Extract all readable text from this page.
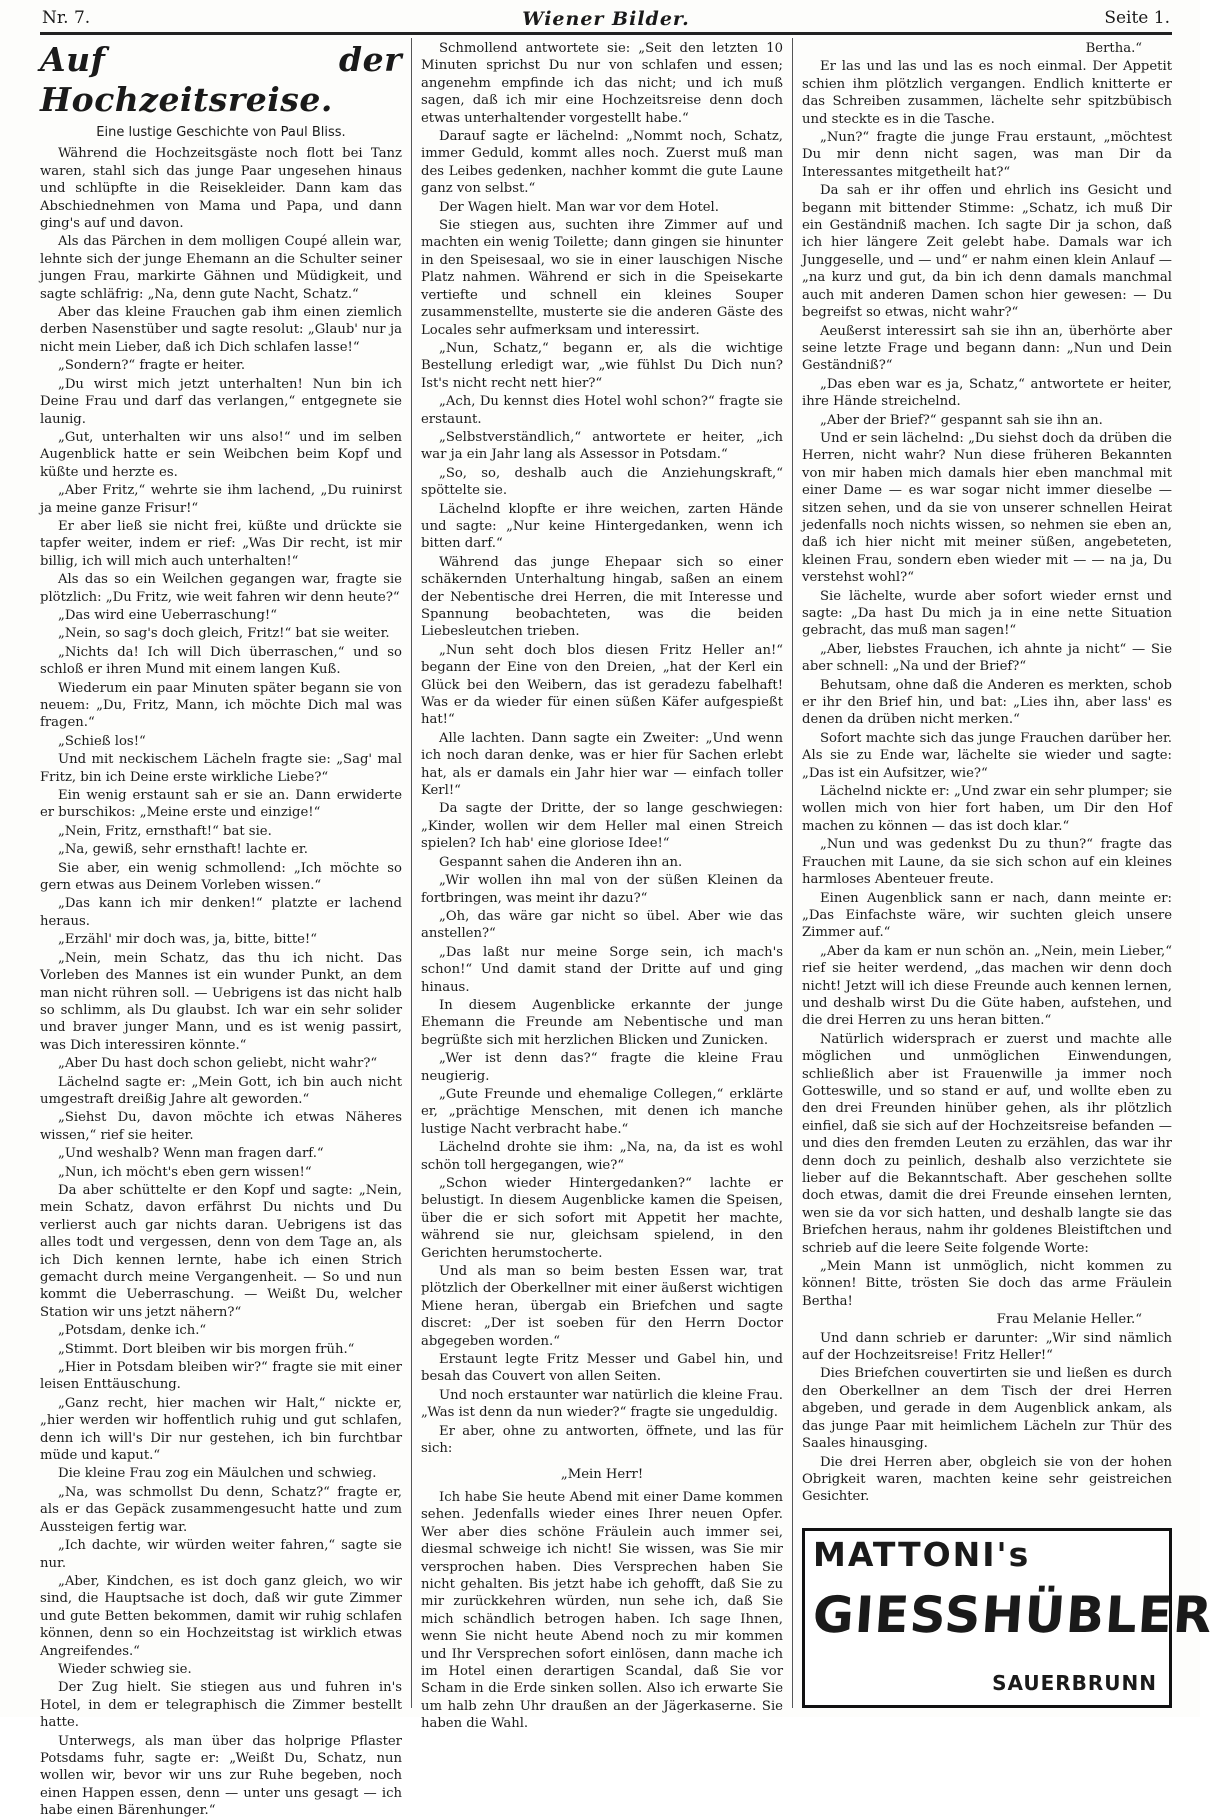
Nr. 7.	Wiener Bilder.	Seite 1.
Auf der Hochzeitsreise.
Eine lustige Geschichte von Paul Bliss.

Während die Hochzeitsgäste noch flott bei Tanz waren, stahl sich das junge Paar ungesehen hinaus und schlüpfte in die Reisekleider. Dann kam das Abschiednehmen von Mama und Papa, und dann ging's auf und davon.

Als das Pärchen in dem molligen Coupé allein war, lehnte sich der junge Ehemann an die Schulter seiner jungen Frau, markirte Gähnen und Müdigkeit, und sagte schläfrig: „Na, denn gute Nacht, Schatz.“

Aber das kleine Frauchen gab ihm einen ziemlich derben Nasenstüber und sagte resolut: „Glaub' nur ja nicht mein Lieber, daß ich Dich schlafen lasse!“

„Sondern?“ fragte er heiter.

„Du wirst mich jetzt unterhalten! Nun bin ich Deine Frau und darf das verlangen,“ entgegnete sie launig.

„Gut, unterhalten wir uns also!“ und im selben Augenblick hatte er sein Weibchen beim Kopf und küßte und herzte es.

„Aber Fritz,“ wehrte sie ihm lachend, „Du ruinirst ja meine ganze Frisur!“

Er aber ließ sie nicht frei, küßte und drückte sie tapfer weiter, indem er rief: „Was Dir recht, ist mir billig, ich will mich auch unterhalten!“

Als das so ein Weilchen gegangen war, fragte sie plötzlich: „Du Fritz, wie weit fahren wir denn heute?“

„Das wird eine Ueberraschung!“

„Nein, so sag's doch gleich, Fritz!“ bat sie weiter.

„Nichts da! Ich will Dich überraschen,“ und so schloß er ihren Mund mit einem langen Kuß.

Wiederum ein paar Minuten später begann sie von neuem: „Du, Fritz, Mann, ich möchte Dich mal was fragen.“

„Schieß los!“

Und mit neckischem Lächeln fragte sie: „Sag' mal Fritz, bin ich Deine erste wirkliche Liebe?“

Ein wenig erstaunt sah er sie an. Dann erwiderte er burschikos: „Meine erste und einzige!“

„Nein, Fritz, ernsthaft!“ bat sie.

„Na, gewiß, sehr ernsthaft! lachte er.

Sie aber, ein wenig schmollend: „Ich möchte so gern etwas aus Deinem Vorleben wissen.“

„Das kann ich mir denken!“ platzte er lachend heraus.

„Erzähl' mir doch was, ja, bitte, bitte!“

„Nein, mein Schatz, das thu ich nicht. Das Vorleben des Mannes ist ein wunder Punkt, an dem man nicht rühren soll. — Uebrigens ist das nicht halb so schlimm, als Du glaubst. Ich war ein sehr solider und braver junger Mann, und es ist wenig passirt, was Dich interessiren könnte.“

„Aber Du hast doch schon geliebt, nicht wahr?“

Lächelnd sagte er: „Mein Gott, ich bin auch nicht umgestraft dreißig Jahre alt geworden.“

„Siehst Du, davon möchte ich etwas Näheres wissen,“ rief sie heiter.

„Und weshalb? Wenn man fragen darf.“

„Nun, ich möcht's eben gern wissen!“

Da aber schüttelte er den Kopf und sagte: „Nein, mein Schatz, davon erfährst Du nichts und Du verlierst auch gar nichts daran. Uebrigens ist das alles todt und vergessen, denn von dem Tage an, als ich Dich kennen lernte, habe ich einen Strich gemacht durch meine Vergangenheit. — So und nun kommt die Ueberraschung. — Weißt Du, welcher Station wir uns jetzt nähern?“

„Potsdam, denke ich.“

„Stimmt. Dort bleiben wir bis morgen früh.“

„Hier in Potsdam bleiben wir?“ fragte sie mit einer leisen Enttäuschung.

„Ganz recht, hier machen wir Halt,“ nickte er, „hier werden wir hoffentlich ruhig und gut schlafen, denn ich will's Dir nur gestehen, ich bin furchtbar müde und kaput.“

Die kleine Frau zog ein Mäulchen und schwieg.

„Na, was schmollst Du denn, Schatz?“ fragte er, als er das Gepäck zusammengesucht hatte und zum Aussteigen fertig war.

„Ich dachte, wir würden weiter fahren,“ sagte sie nur.

„Aber, Kindchen, es ist doch ganz gleich, wo wir sind, die Hauptsache ist doch, daß wir gute Zimmer und gute Betten bekommen, damit wir ruhig schlafen können, denn so ein Hochzeitstag ist wirklich etwas Angreifendes.“

Wieder schwieg sie.

Der Zug hielt. Sie stiegen aus und fuhren in's Hotel, in dem er telegraphisch die Zimmer bestellt hatte.

Unterwegs, als man über das holprige Pflaster Potsdams fuhr, sagte er: „Weißt Du, Schatz, nun wollen wir, bevor wir uns zur Ruhe begeben, noch einen Happen essen, denn — unter uns gesagt — ich habe einen Bärenhunger.“

Schmollend antwortete sie: „Seit den letzten 10 Minuten sprichst Du nur von schlafen und essen; angenehm empfinde ich das nicht; und ich muß sagen, daß ich mir eine Hochzeitsreise denn doch etwas unterhaltender vorgestellt habe.“

Darauf sagte er lächelnd: „Nommt noch, Schatz, immer Geduld, kommt alles noch. Zuerst muß man des Leibes gedenken, nachher kommt die gute Laune ganz von selbst.“

Der Wagen hielt. Man war vor dem Hotel.

Sie stiegen aus, suchten ihre Zimmer auf und machten ein wenig Toilette; dann gingen sie hinunter in den Speisesaal, wo sie in einer lauschigen Nische Platz nahmen. Während er sich in die Speisekarte vertiefte und schnell ein kleines Souper zusammenstellte, musterte sie die anderen Gäste des Locales sehr aufmerksam und interessirt.

„Nun, Schatz,“ begann er, als die wichtige Bestellung erledigt war, „wie fühlst Du Dich nun? Ist's nicht recht nett hier?“

„Ach, Du kennst dies Hotel wohl schon?“ fragte sie erstaunt.

„Selbstverständlich,“ antwortete er heiter, „ich war ja ein Jahr lang als Assessor in Potsdam.“

„So, so, deshalb auch die Anziehungskraft,“ spöttelte sie.

Lächelnd klopfte er ihre weichen, zarten Hände und sagte: „Nur keine Hintergedanken, wenn ich bitten darf.“

Während das junge Ehepaar sich so einer schäkernden Unterhaltung hingab, saßen an einem der Nebentische drei Herren, die mit Interesse und Spannung beobachteten, was die beiden Liebesleutchen trieben.

„Nun seht doch blos diesen Fritz Heller an!“ begann der Eine von den Dreien, „hat der Kerl ein Glück bei den Weibern, das ist geradezu fabelhaft! Was er da wieder für einen süßen Käfer aufgespießt hat!“

Alle lachten. Dann sagte ein Zweiter: „Und wenn ich noch daran denke, was er hier für Sachen erlebt hat, als er damals ein Jahr hier war — einfach toller Kerl!“

Da sagte der Dritte, der so lange geschwiegen: „Kinder, wollen wir dem Heller mal einen Streich spielen? Ich hab' eine gloriose Idee!“

Gespannt sahen die Anderen ihn an.

„Wir wollen ihn mal von der süßen Kleinen da fortbringen, was meint ihr dazu?“

„Oh, das wäre gar nicht so übel. Aber wie das anstellen?“

„Das laßt nur meine Sorge sein, ich mach's schon!“ Und damit stand der Dritte auf und ging hinaus.

In diesem Augenblicke erkannte der junge Ehemann die Freunde am Nebentische und man begrüßte sich mit herzlichen Blicken und Zunicken.

„Wer ist denn das?“ fragte die kleine Frau neugierig.

„Gute Freunde und ehemalige Collegen,“ erklärte er, „prächtige Menschen, mit denen ich manche lustige Nacht verbracht habe.“

Lächelnd drohte sie ihm: „Na, na, da ist es wohl schön toll hergegangen, wie?“

„Schon wieder Hintergedanken?“ lachte er belustigt. In diesem Augenblicke kamen die Speisen, über die er sich sofort mit Appetit her machte, während sie nur, gleichsam spielend, in den Gerichten herumstocherte.

Und als man so beim besten Essen war, trat plötzlich der Oberkellner mit einer äußerst wichtigen Miene heran, übergab ein Briefchen und sagte discret: „Der ist soeben für den Herrn Doctor abgegeben worden.“

Erstaunt legte Fritz Messer und Gabel hin, und besah das Couvert von allen Seiten.

Und noch erstaunter war natürlich die kleine Frau. „Was ist denn da nun wieder?“ fragte sie ungeduldig.

Er aber, ohne zu antworten, öffnete, und las für sich:

„Mein Herr!

Ich habe Sie heute Abend mit einer Dame kommen sehen. Jedenfalls wieder eines Ihrer neuen Opfer. Wer aber dies schöne Fräulein auch immer sei, diesmal schweige ich nicht! Sie wissen, was Sie mir versprochen haben. Dies Versprechen haben Sie nicht gehalten. Bis jetzt habe ich gehofft, daß Sie zu mir zurückkehren würden, nun sehe ich, daß Sie mich schändlich betrogen haben. Ich sage Ihnen, wenn Sie nicht heute Abend noch zu mir kommen und Ihr Versprechen sofort einlösen, dann mache ich im Hotel einen derartigen Scandal, daß Sie vor Scham in die Erde sinken sollen. Also ich erwarte Sie um halb zehn Uhr draußen an der Jägerkaserne. Sie haben die Wahl.

Bertha.“

Er las und las und las es noch einmal. Der Appetit schien ihm plötzlich vergangen. Endlich knitterte er das Schreiben zusammen, lächelte sehr spitzbübisch und steckte es in die Tasche.

„Nun?“ fragte die junge Frau erstaunt, „möchtest Du mir denn nicht sagen, was man Dir da Interessantes mitgetheilt hat?“

Da sah er ihr offen und ehrlich ins Gesicht und begann mit bittender Stimme: „Schatz, ich muß Dir ein Geständniß machen. Ich sagte Dir ja schon, daß ich hier längere Zeit gelebt habe. Damals war ich Junggeselle, und — und“ er nahm einen klein Anlauf — „na kurz und gut, da bin ich denn damals manchmal auch mit anderen Damen schon hier gewesen: — Du begreifst so etwas, nicht wahr?“

Aeußerst interessirt sah sie ihn an, überhörte aber seine letzte Frage und begann dann: „Nun und Dein Geständniß?“

„Das eben war es ja, Schatz,“ antwortete er heiter, ihre Hände streichelnd.

„Aber der Brief?“ gespannt sah sie ihn an.

Und er sein lächelnd: „Du siehst doch da drüben die Herren, nicht wahr? Nun diese früheren Bekannten von mir haben mich damals hier eben manchmal mit einer Dame — es war sogar nicht immer dieselbe — sitzen sehen, und da sie von unserer schnellen Heirat jedenfalls noch nichts wissen, so nehmen sie eben an, daß ich hier nicht mit meiner süßen, angebeteten, kleinen Frau, sondern eben wieder mit — — na ja, Du verstehst wohl?“

Sie lächelte, wurde aber sofort wieder ernst und sagte: „Da hast Du mich ja in eine nette Situation gebracht, das muß man sagen!“

„Aber, liebstes Frauchen, ich ahnte ja nicht“ — Sie aber schnell: „Na und der Brief?“

Behutsam, ohne daß die Anderen es merkten, schob er ihr den Brief hin, und bat: „Lies ihn, aber lass' es denen da drüben nicht merken.“

Sofort machte sich das junge Frauchen darüber her. Als sie zu Ende war, lächelte sie wieder und sagte: „Das ist ein Aufsitzer, wie?“

Lächelnd nickte er: „Und zwar ein sehr plumper; sie wollen mich von hier fort haben, um Dir den Hof machen zu können — das ist doch klar.“

„Nun und was gedenkst Du zu thun?“ fragte das Frauchen mit Laune, da sie sich schon auf ein kleines harmloses Abenteuer freute.

Einen Augenblick sann er nach, dann meinte er: „Das Einfachste wäre, wir suchten gleich unsere Zimmer auf.“

„Aber da kam er nun schön an. „Nein, mein Lieber,“ rief sie heiter werdend, „das machen wir denn doch nicht! Jetzt will ich diese Freunde auch kennen lernen, und deshalb wirst Du die Güte haben, aufstehen, und die drei Herren zu uns heran bitten.“

Natürlich widersprach er zuerst und machte alle möglichen und unmöglichen Einwendungen, schließlich aber ist Frauenwille ja immer noch Gotteswille, und so stand er auf, und wollte eben zu den drei Freunden hinüber gehen, als ihr plötzlich einfiel, daß sie sich auf der Hochzeitsreise befanden — und dies den fremden Leuten zu erzählen, das war ihr denn doch zu peinlich, deshalb also verzichtete sie lieber auf die Bekanntschaft. Aber geschehen sollte doch etwas, damit die drei Freunde einsehen lernten, wen sie da vor sich hatten, und deshalb langte sie das Briefchen heraus, nahm ihr goldenes Bleistiftchen und schrieb auf die leere Seite folgende Worte:

„Mein Mann ist unmöglich, nicht kommen zu können! Bitte, trösten Sie doch das arme Fräulein Bertha!

Frau Melanie Heller.“

Und dann schrieb er darunter: „Wir sind nämlich auf der Hochzeitsreise! Fritz Heller!“

Dies Briefchen couvertirten sie und ließen es durch den Oberkellner an dem Tisch der drei Herren abgeben, und gerade in dem Augenblick ankam, als das junge Paar mit heimlichem Lächeln zur Thür des Saales hinausging.

Die drei Herren aber, obgleich sie von der hohen Obrigkeit waren, machten keine sehr geistreichen Gesichter.

MATTONI's
GIESSHÜBLER
SAUERBRUNN
